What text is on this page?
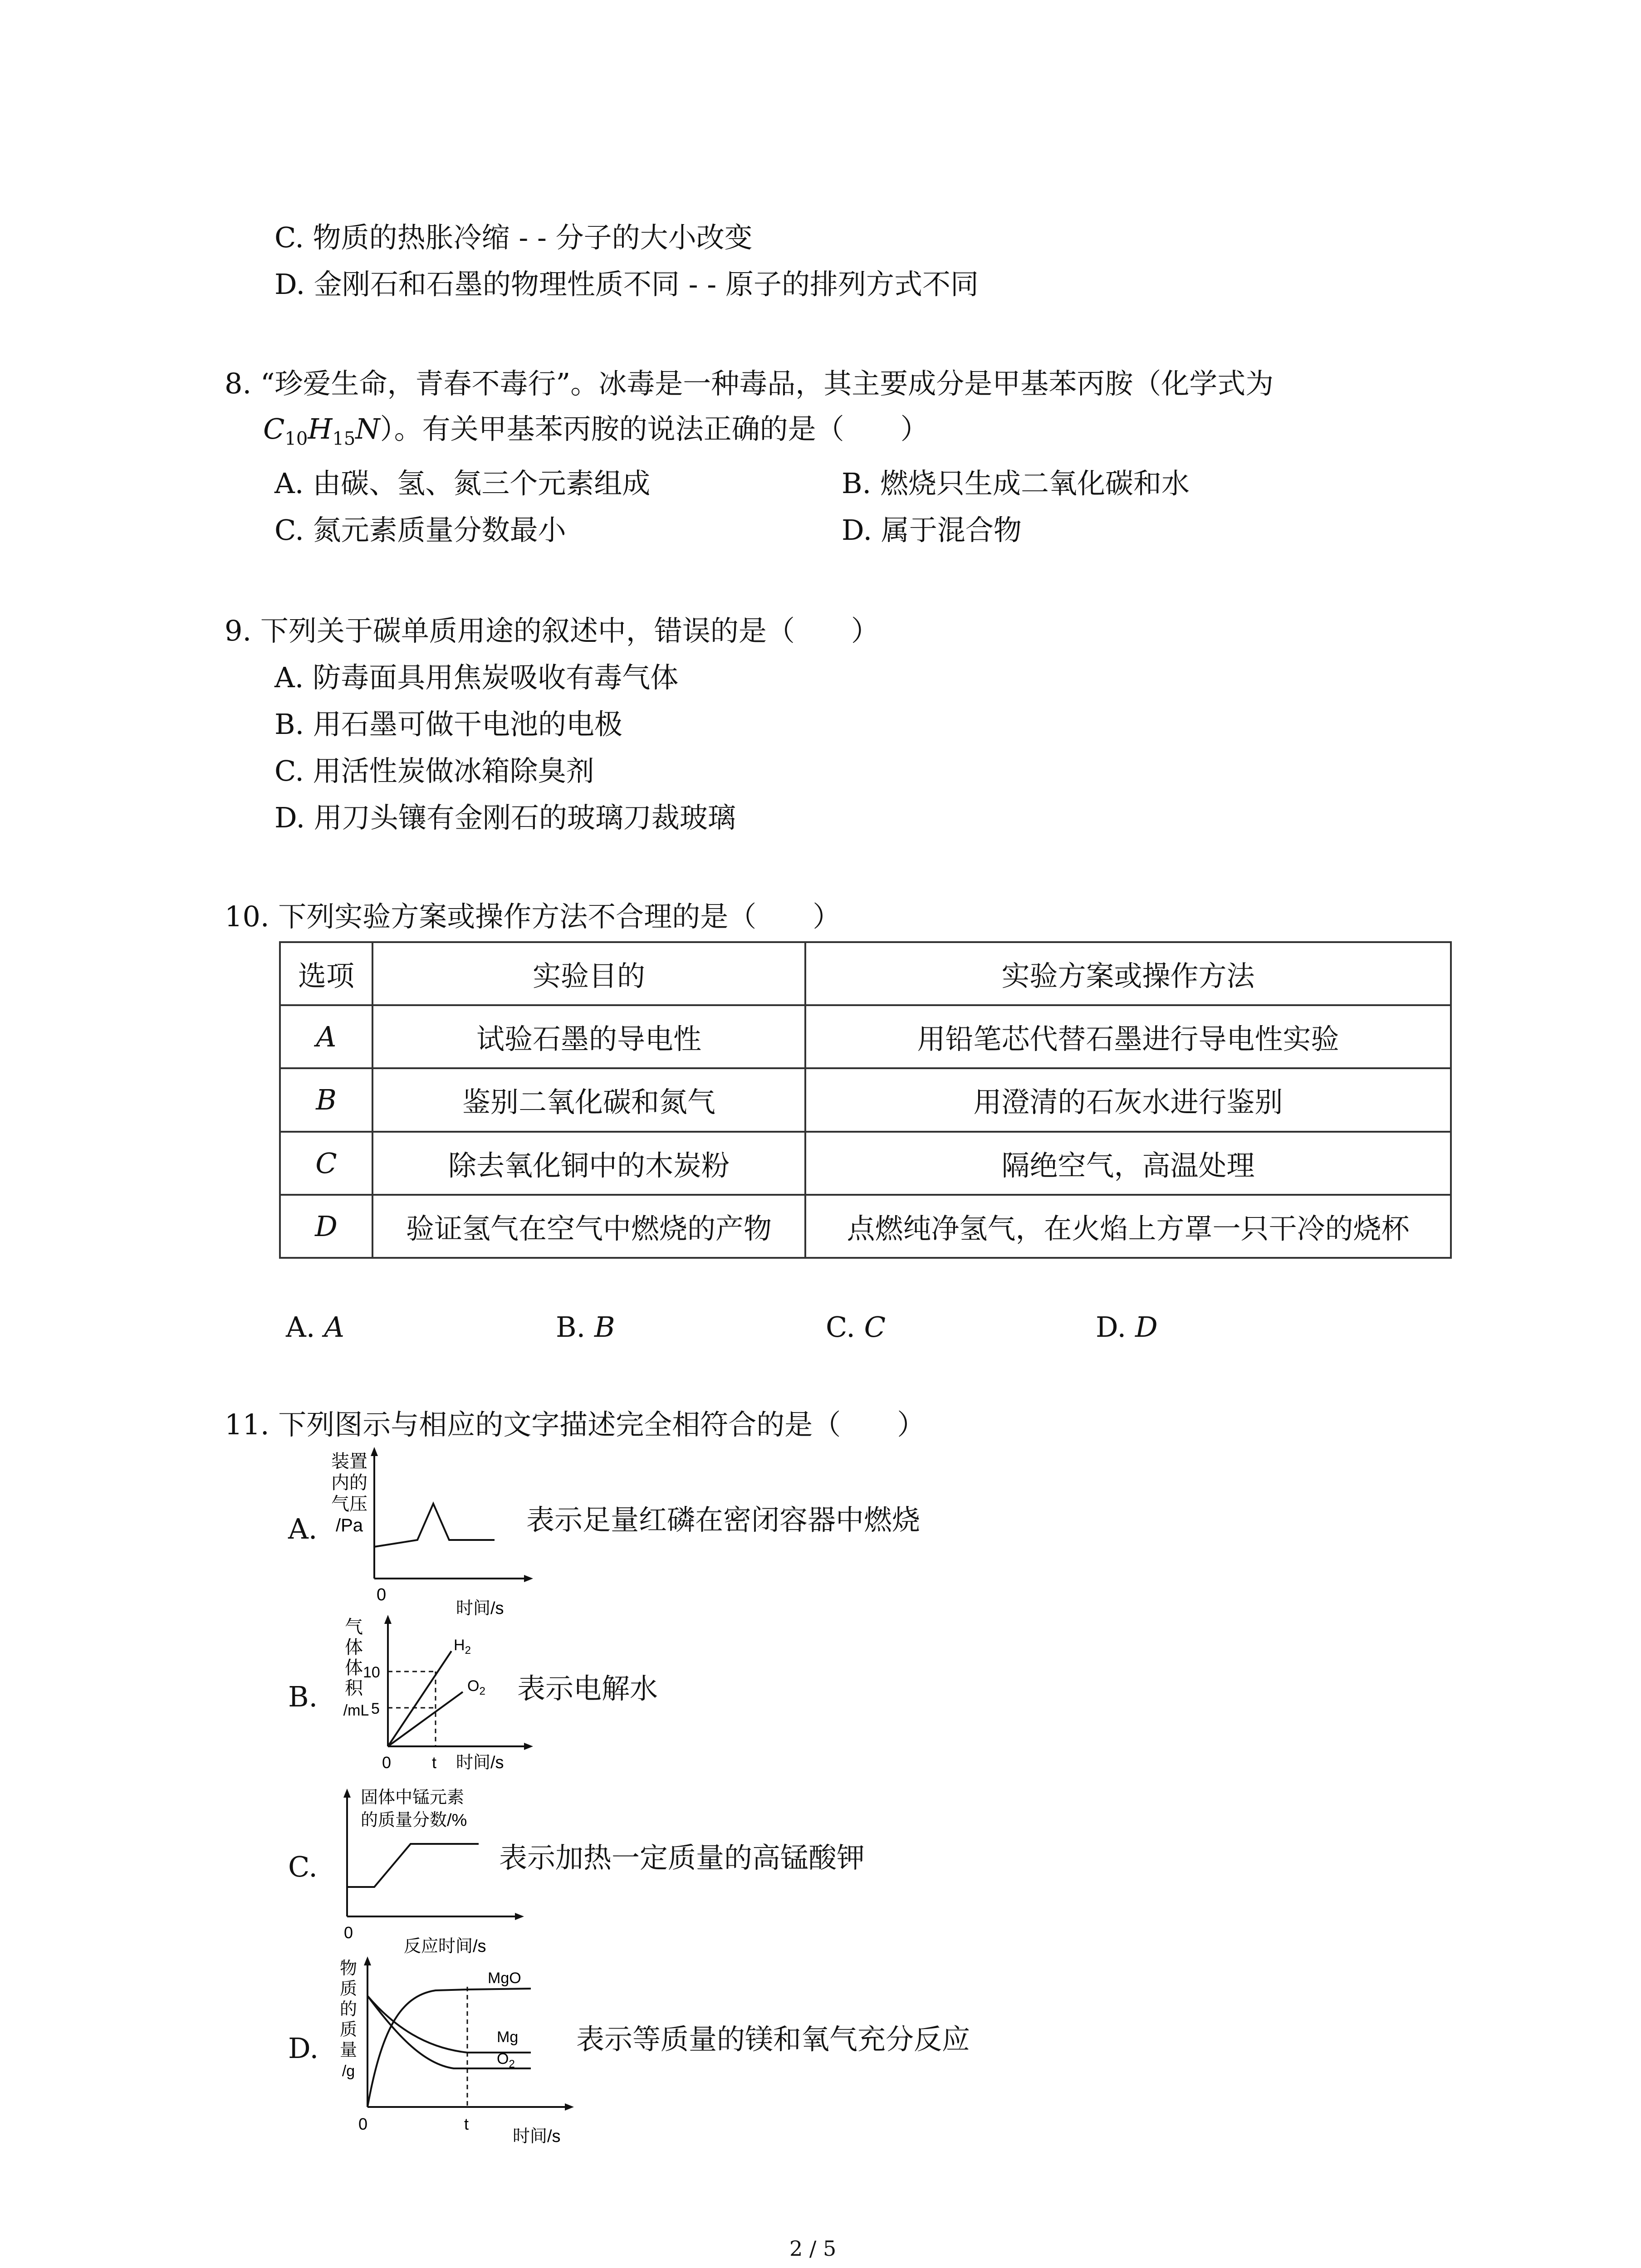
C. 物质的热胀冷缩 - - 分子的大小改变
D. 金刚石和石墨的物理性质不同 - - 原子的排列方式不同
8. “珍爱生命，青春不毒行”。冰毒是一种毒品，其主要成分是甲基苯丙胺（化学式为
$C_{10}H_{15}N$）。有关甲基苯丙胺的说法正确的是（　　）
A. 由碳、氢、氮三个元素组成	B. 燃烧只生成二氧化碳和水
C. 氮元素质量分数最小	D. 属于混合物
9. 下列关于碳单质用途的叙述中，错误的是（　　）
A. 防毒面具用焦炭吸收有毒气体
B. 用石墨可做干电池的电极
C. 用活性炭做冰箱除臭剂
D. 用刀头镶有金刚石的玻璃刀裁玻璃
10. 下列实验方案或操作方法不合理的是（　　）
选项	实验目的	实验方案或操作方法
A	试验石墨的导电性	用铅笔芯代替石墨进行导电性实验
B	鉴别二氧化碳和氮气	用澄清的石灰水进行鉴别
C	除去氧化铜中的木炭粉	隔绝空气，高温处理
D	验证氢气在空气中燃烧的产物	点燃纯净氢气，在火焰上方罩一只干冷的烧杯
A. A	B. B	C. C	D. D
11. 下列图示与相应的文字描述完全相符合的是（　　）
A.
装置
内的
气压
/Pa
0
时间/s
表示足量红磷在密闭容器中燃烧
B.
气
体
体
积
/mL
10
5
$H_2$
$O_2$
0 t 时间/s
表示电解水
C.
固体中锰元素
的质量分数/%
0
反应时间/s
表示加热一定质量的高锰酸钾
D.
物
质
的
质
量
/g
MgO
Mg
$O_2$
0	t
时间/s
表示等质量的镁和氧气充分反应
2 / 5
